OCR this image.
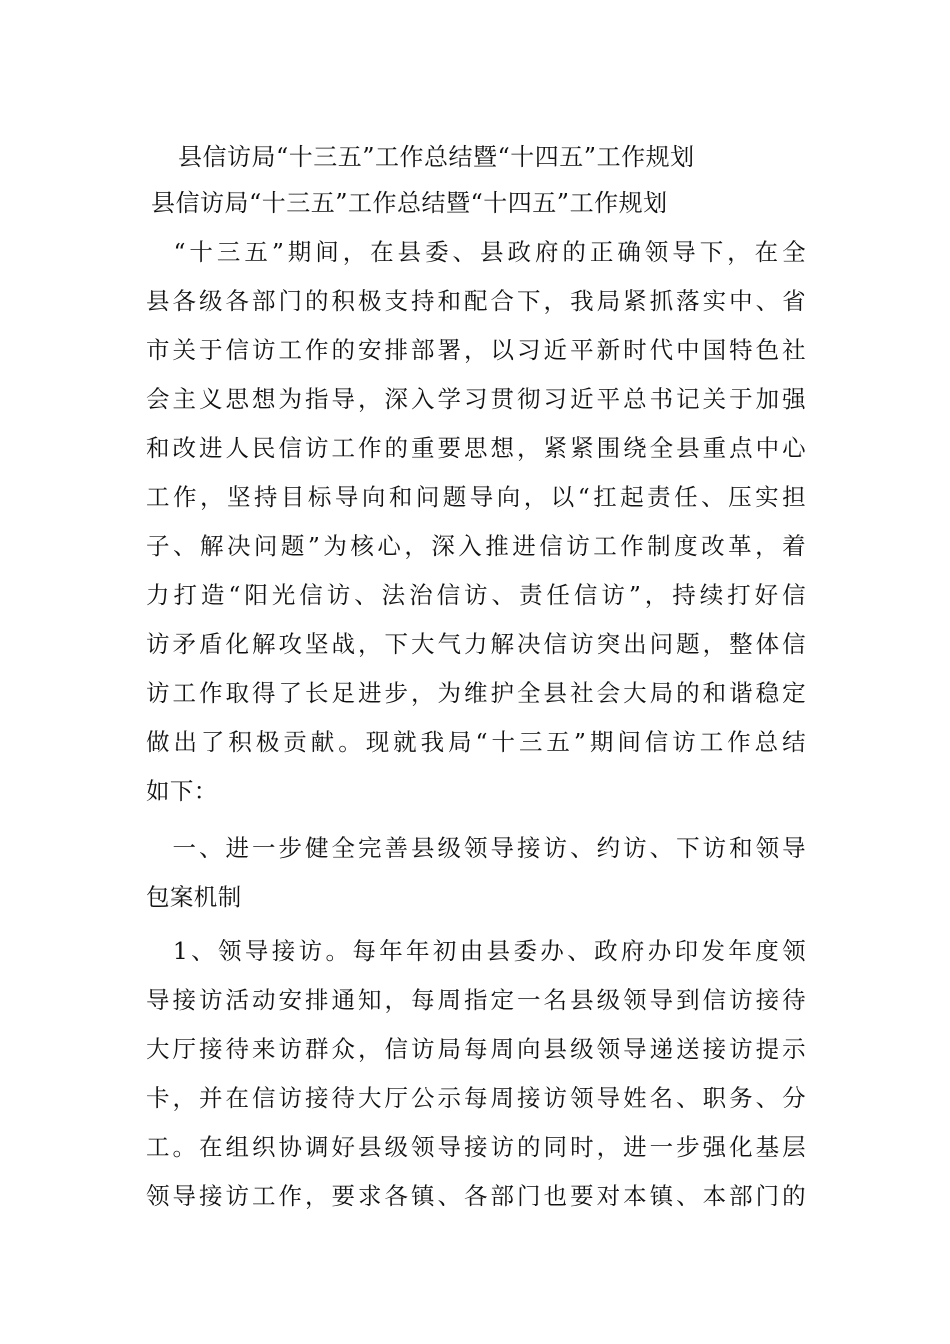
县信访局“十三五”工作总结暨“十四五”工作规划
县信访局“十三五”工作总结暨“十四五”工作规划
　“十三五”期间，在县委、县政府的正确领导下，在全
县各级各部门的积极支持和配合下，我局紧抓落实中、省
市关于信访工作的安排部署，以习近平新时代中国特色社
会主义思想为指导，深入学习贯彻习近平总书记关于加强
和改进人民信访工作的重要思想，紧紧围绕全县重点中心
工作，坚持目标导向和问题导向，以“扛起责任、压实担
子、解决问题”为核心，深入推进信访工作制度改革，着
力打造“阳光信访、法治信访、责任信访”，持续打好信
访矛盾化解攻坚战，下大气力解决信访突出问题，整体信
访工作取得了长足进步，为维护全县社会大局的和谐稳定
做出了积极贡献。现就我局“十三五”期间信访工作总结
如下：
　一、进一步健全完善县级领导接访、约访、下访和领导
包案机制
　1、领导接访。每年年初由县委办、政府办印发年度领
导接访活动安排通知，每周指定一名县级领导到信访接待
大厅接待来访群众，信访局每周向县级领导递送接访提示
卡，并在信访接待大厅公示每周接访领导姓名、职务、分
工。在组织协调好县级领导接访的同时，进一步强化基层
领导接访工作，要求各镇、各部门也要对本镇、本部门的
